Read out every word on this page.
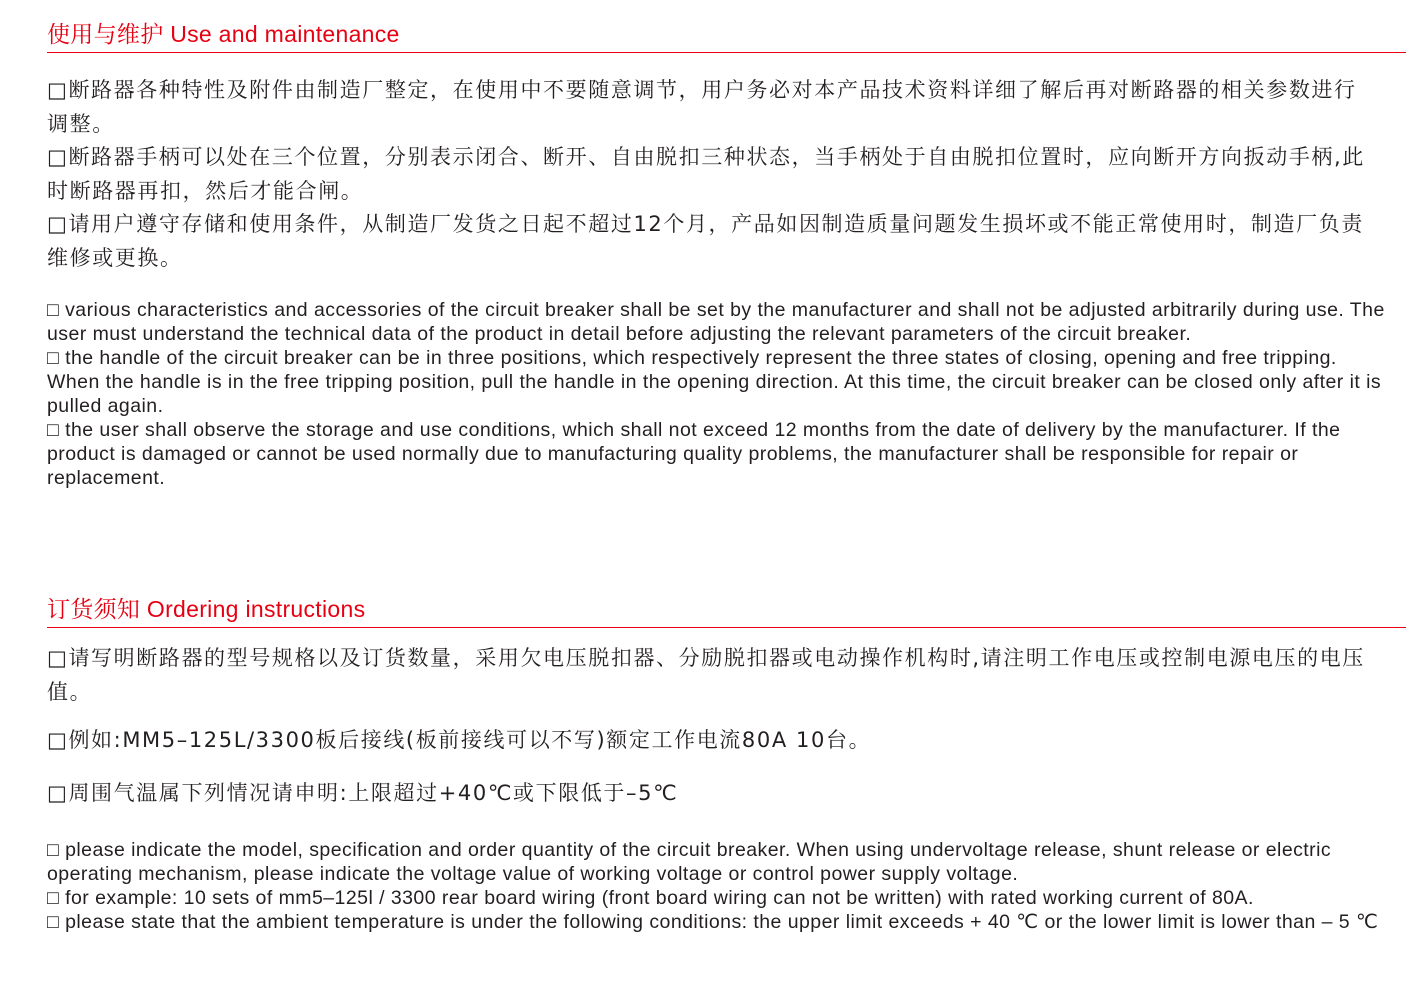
使用与维护 Use and maintenance

□断路器各种特性及附件由制造厂整定，在使用中不要随意调节，用户务必对本产品技术资料详细了解后再对断路器的相关参数进行调整。

□断路器手柄可以处在三个位置，分别表示闭合、断开、自由脱扣三种状态，当手柄处于自由脱扣位置时，应向断开方向扳动手柄,此时断路器再扣，然后才能合闸。

□请用户遵守存储和使用条件，从制造厂发货之日起不超过12个月，产品如因制造质量问题发生损坏或不能正常使用时，制造厂负责维修或更换。

□ various characteristics and accessories of the circuit breaker shall be set by the manufacturer and shall not be adjusted arbitrarily during use. The user must understand the technical data of the product in detail before adjusting the relevant parameters of the circuit breaker.

□ the handle of the circuit breaker can be in three positions, which respectively represent the three states of closing, opening and free tripping. When the handle is in the free tripping position, pull the handle in the opening direction. At this time, the circuit breaker can be closed only after it is pulled again.

□ the user shall observe the storage and use conditions, which shall not exceed 12 months from the date of delivery by the manufacturer. If the product is damaged or cannot be used normally due to manufacturing quality problems, the manufacturer shall be responsible for repair or replacement.

订货须知 Ordering instructions

□请写明断路器的型号规格以及订货数量，采用欠电压脱扣器、分励脱扣器或电动操作机构时,请注明工作电压或控制电源电压的电压值。

□例如:MM5–125L/3300板后接线(板前接线可以不写)额定工作电流80A 10台。

□周围气温属下列情况请申明:上限超过+40℃或下限低于–5℃

□ please indicate the model, specification and order quantity of the circuit breaker. When using undervoltage release, shunt release or electric operating mechanism, please indicate the voltage value of working voltage or control power supply voltage.

□ for example: 10 sets of mm5–125l / 3300 rear board wiring (front board wiring can not be written) with rated working current of 80A.

□ please state that the ambient temperature is under the following conditions: the upper limit exceeds + 40 ℃ or the lower limit is lower than – 5 ℃
